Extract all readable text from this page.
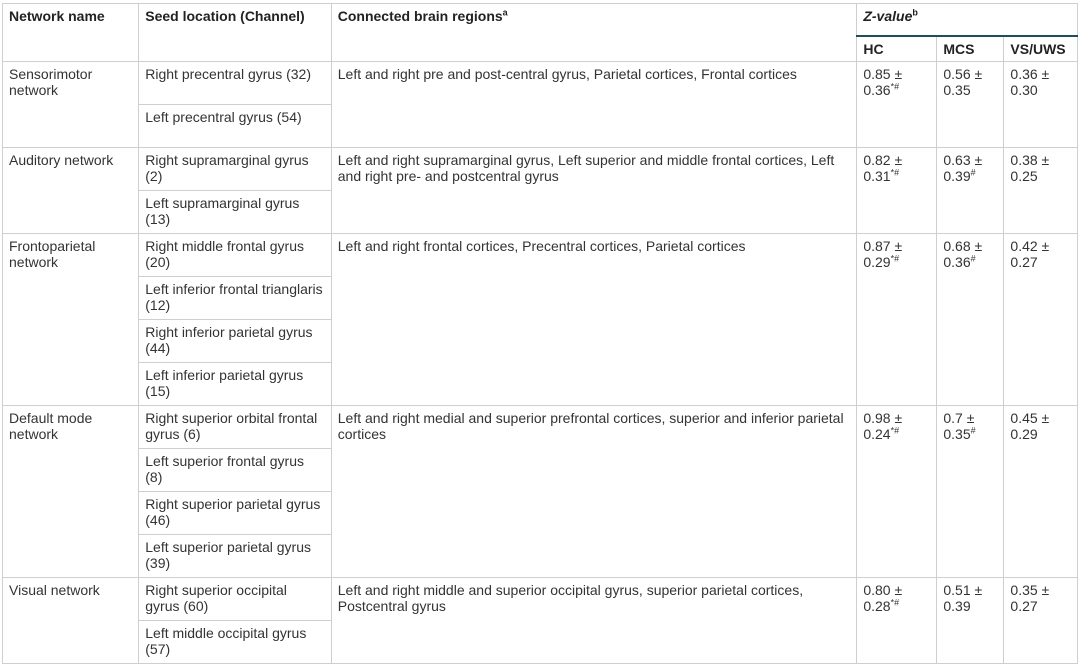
Network name	Seed location (Channel)	Connected brain regions$^a$	Z-value$^b$
			HC	MCS	VS/UWS
Sensorimotor network	Right precentral gyrus (32)	Left and right pre and post-central gyrus, Parietal cortices, Frontal cortices	0.85 ± 0.36*#	0.56 ± 0.35	0.36 ± 0.30
	Left precentral gyrus (54)				
Auditory network	Right supramarginal gyrus (2)	Left and right supramarginal gyrus, Left superior and middle frontal cortices, Left and right pre- and postcentral gyrus	0.82 ± 0.31*#	0.63 ± 0.39#	0.38 ± 0.25
	Left supramarginal gyrus (13)				
Frontoparietal network	Right middle frontal gyrus (20)	Left and right frontal cortices, Precentral cortices, Parietal cortices	0.87 ± 0.29*#	0.68 ± 0.36#	0.42 ± 0.27
	Left inferior frontal trianglaris (12)				
	Right inferior parietal gyrus (44)				
	Left inferior parietal gyrus (15)				
Default mode network	Right superior orbital frontal gyrus (6)	Left and right medial and superior prefrontal cortices, superior and inferior parietal cortices	0.98 ± 0.24*#	0.7 ± 0.35#	0.45 ± 0.29
	Left superior frontal gyrus (8)				
	Right superior parietal gyrus (46)				
	Left superior parietal gyrus (39)				
Visual network	Right superior occipital gyrus (60)	Left and right middle and superior occipital gyrus, superior parietal cortices, Postcentral gyrus	0.80 ± 0.28*#	0.51 ± 0.39	0.35 ± 0.27
	Left middle occipital gyrus (57)				
